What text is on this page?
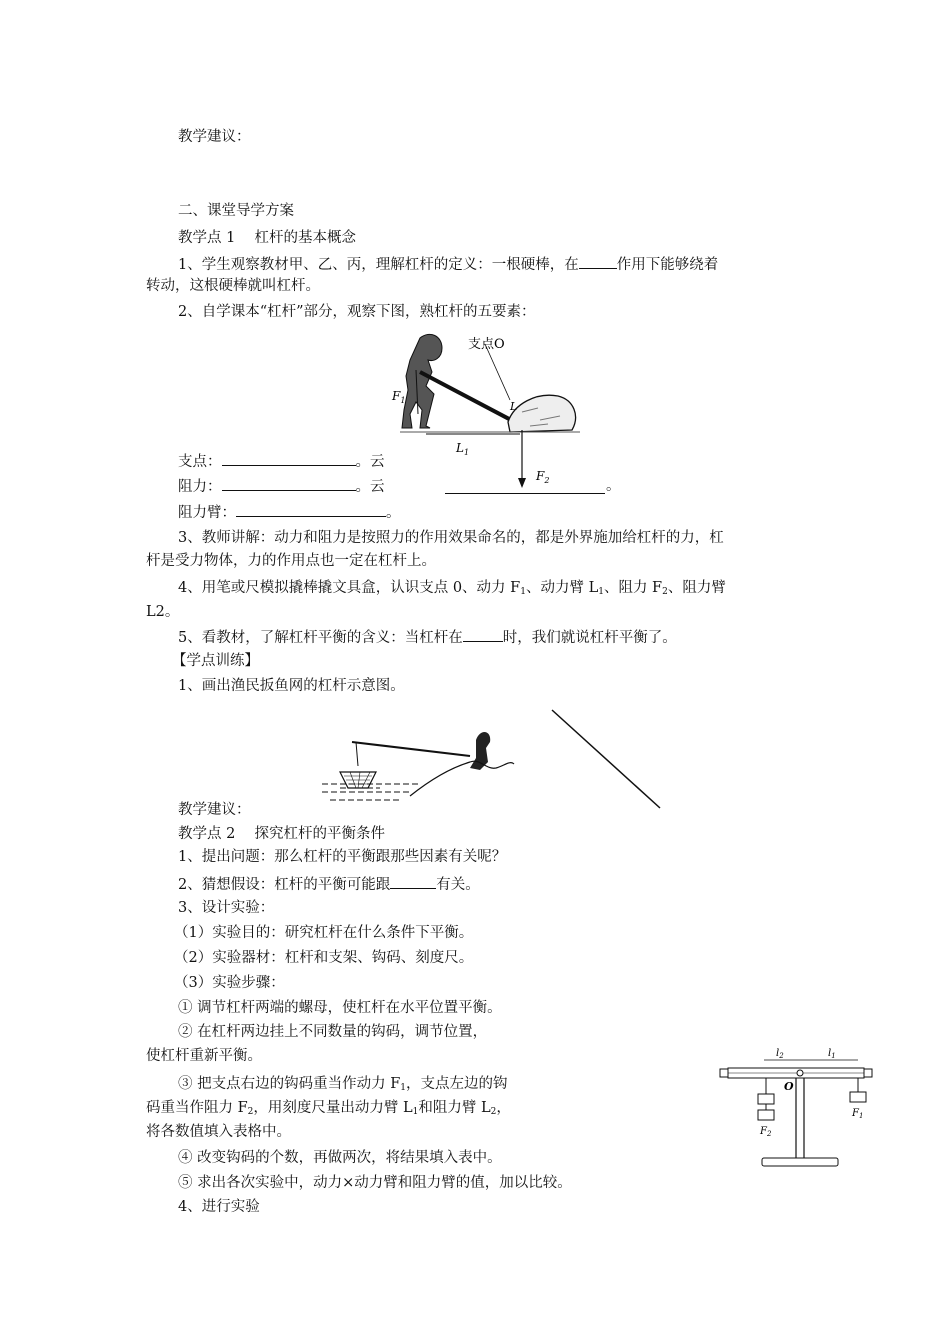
教学建议：
二、课堂导学方案
教学点 1　 杠杆的基本概念
1、学生观察教材甲、乙、丙，理解杠杆的定义：一根硬棒，在	作用下能够绕着
转动，这根硬棒就叫杠杆。
2、自学课本“杠杆”部分，观察下图，熟杠杆的五要素：
支点O
$F_1$
$L_1$
L
$F_2$
支点：	。云
阻力：	。云	。
阻力臂：	。
3、教师讲解：动力和阻力是按照力的作用效果命名的，都是外界施加给杠杆的力，杠
杆是受力物体，力的作用点也一定在杠杆上。
4、用笔或尺模拟撬棒撬文具盒，认识支点 0、动力 $F_1$、动力臂 $L_1$、阻力 $F_2$、阻力臂
L2。
5、看教材，了解杠杆平衡的含义：当杠杆在	时，我们就说杠杆平衡了。
【学点训练】
1、画出渔民扳鱼网的杠杆示意图。
教学建议：
教学点 2　 探究杠杆的平衡条件
1、提出问题：那么杠杆的平衡跟那些因素有关呢？
2、猜想假设：杠杆的平衡可能跟	有关。
3、设计实验：
（1）实验目的：研究杠杆在什么条件下平衡。
（2）实验器材：杠杆和支架、钩码、刻度尺。
（3）实验步骤：
① 调节杠杆两端的螺母，使杠杆在水平位置平衡。
② 在杠杆两边挂上不同数量的钩码，调节位置，
使杠杆重新平衡。
③ 把支点右边的钩码重当作动力 $F_1$，支点左边的钩
码重当作阻力 $F_2$，用刻度尺量出动力臂 $L_1$和阻力臂 $L_2$，
将各数值填入表格中。
④ 改变钩码的个数，再做两次，将结果填入表中。
⑤ 求出各次实验中，动力×动力臂和阻力臂的值，加以比较。
4、进行实验
$l_2$	$l_1$
O
$F_2$
$F_1$
